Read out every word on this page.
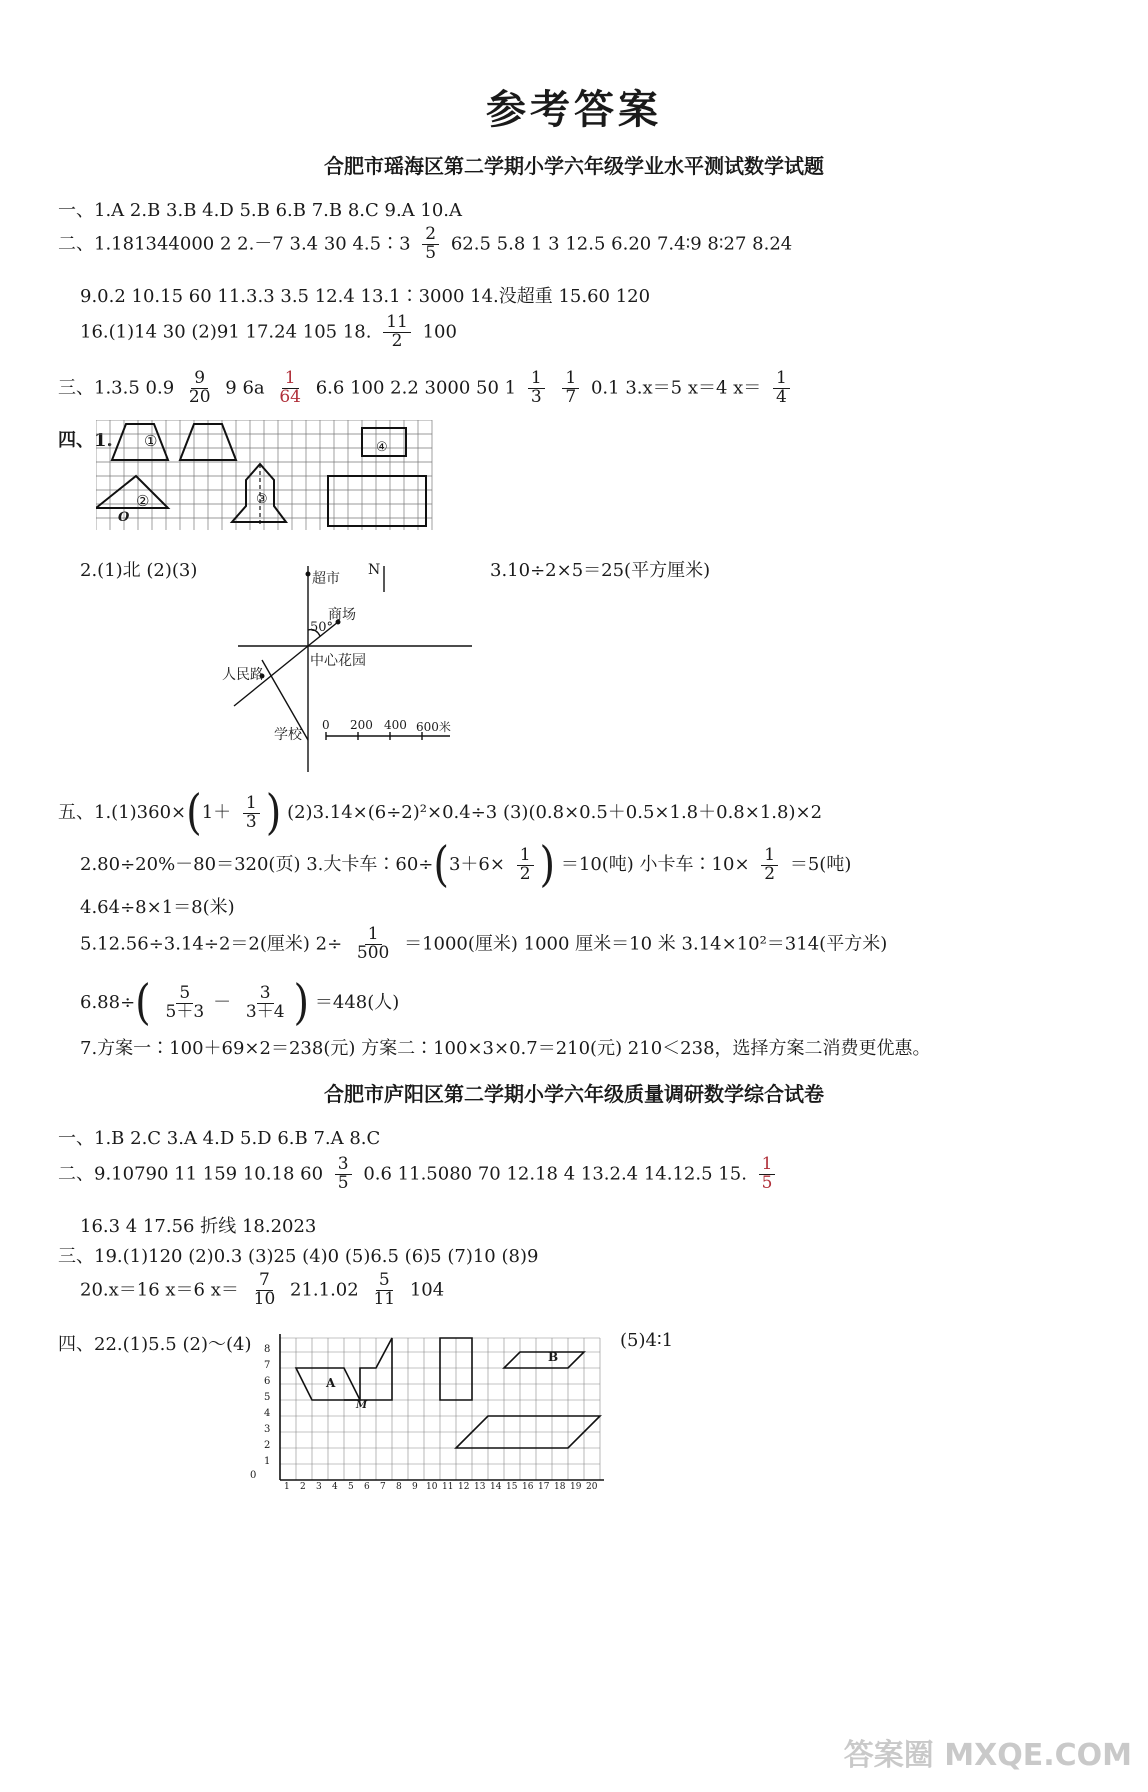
参考答案
合肥市瑶海区第二学期小学六年级学业水平测试数学试题
一、1.A 2.B 3.B 4.D 5.B 6.B 7.B 8.C 9.A 10.A
二、1.181344000 2 2.－7 3.4 30 4.5∶3 $\frac{2}{5} 62.5$ 5.8 1 3 12.5 6.20 7.4∶9 8∶27 8.24
9.0.2 10.15 60 11.3.3 3.5 12.4 13.1∶3000 14.没超重 15.60 120
16.(1)14 30 (2)91 17.24 105 18. $\frac{11}{2} 100$
三、1.3.5 $0.9 \frac{9}{20} 9$ $6a \frac{1}{64} 6.6$ 100 2.2 3000 50 $1 \frac{1}{3}$
$\frac{1}{7} 0.1$ 3.x＝5 x＝4 $x= \frac{1}{4}$
四、1. ①
②	③
④
O
2.(1)北 (2)(3)	3.10÷2×5＝25(平方厘米)
N
超市
商场
50°
中心花园
人民路
学校
0 200 400 600米
五、$1.(1)360\times(1+ \frac{1}{3}$ ) (2)3.14×(6÷2)²×0.4÷3 (3)(0.8×0.5＋0.5×1.8＋0.8×1.8)×2
2.80÷20%－80＝320(页) 3.大卡车∶60÷(3＋6× $\frac{1}{2}$ ) ＝10(吨) 小卡车∶10× $\frac{1}{2} =5$(吨)
4.64÷8×1＝8(米)
5.12.56÷3.14÷2＝2(厘米) $2\div \frac{1}{500} =1000$(厘米) 1000 厘米＝10 米 3.14×10²＝314(平方米)
$6.88\div( \frac{5}{5+3} - \frac{3}{3+4}$ ) ＝448(人)
7.方案一∶100＋69×2＝238(元) 方案二∶100×3×0.7＝210(元) 210＜238，选择方案二消费更优惠。
合肥市庐阳区第二学期小学六年级质量调研数学综合试卷
一、1.B 2.C 3.A 4.D 5.D 6.B 7.A 8.C
二、9.10790 11 159 10.18 $60 \frac{3}{5} 0.6$ 11.5080 70 12.18 4 13.2.4 14.12.5 15. $\frac{1}{5}$
16.3 4 17.56 折线 18.2023
三、19.(1)120 (2)0.3 (3)25 (4)0 (5)6.5 (6)5 (7)10 (8)9
20.x＝16 x＝6 $x= \frac{7}{10} 21.1.02 \frac{5}{11} 104$
四、22.(1)5.5 (2)～(4)	(5)4∶1
0
1
2
3
4
5
6
7
8
1 2 3 4 5 6 7 8 9 10 11 12 13 14 15 16 17 18 19 20
A
B
M
答案圈 MXQE.COM
